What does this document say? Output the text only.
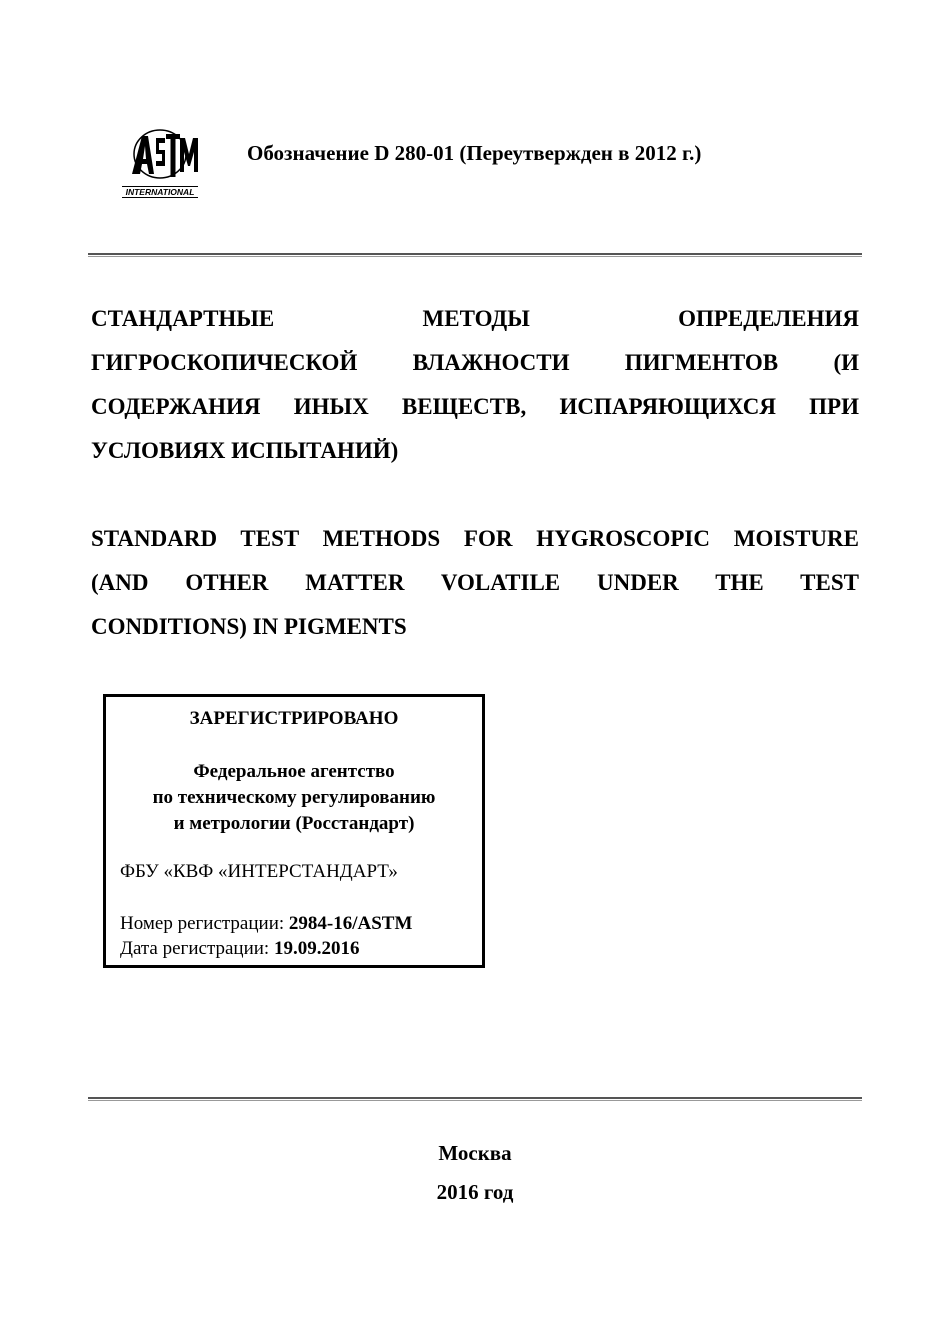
INTERNATIONAL
Обозначение D 280-01 (Переутвержден в 2012 г.)
СТАНДАРТНЫЕ МЕТОДЫ ОПРЕДЕЛЕНИЯ
ГИГРОСКОПИЧЕСКОЙ ВЛАЖНОСТИ ПИГМЕНТОВ (И
СОДЕРЖАНИЯ ИНЫХ ВЕЩЕСТВ, ИСПАРЯЮЩИХСЯ ПРИ
УСЛОВИЯХ ИСПЫТАНИЙ)
STANDARD TEST METHODS FOR HYGROSCOPIC MOISTURE
(AND OTHER MATTER VOLATILE UNDER THE TEST
CONDITIONS) IN PIGMENTS
ЗАРЕГИСТРИРОВАНО
Федеральное агентство
по техническому регулированию
и метрологии (Росстандарт)
ФБУ «КВФ «ИНТЕРСТАНДАРТ»
Номер регистрации: 2984-16/ASTM
Дата регистрации: 19.09.2016
Москва
2016 год
